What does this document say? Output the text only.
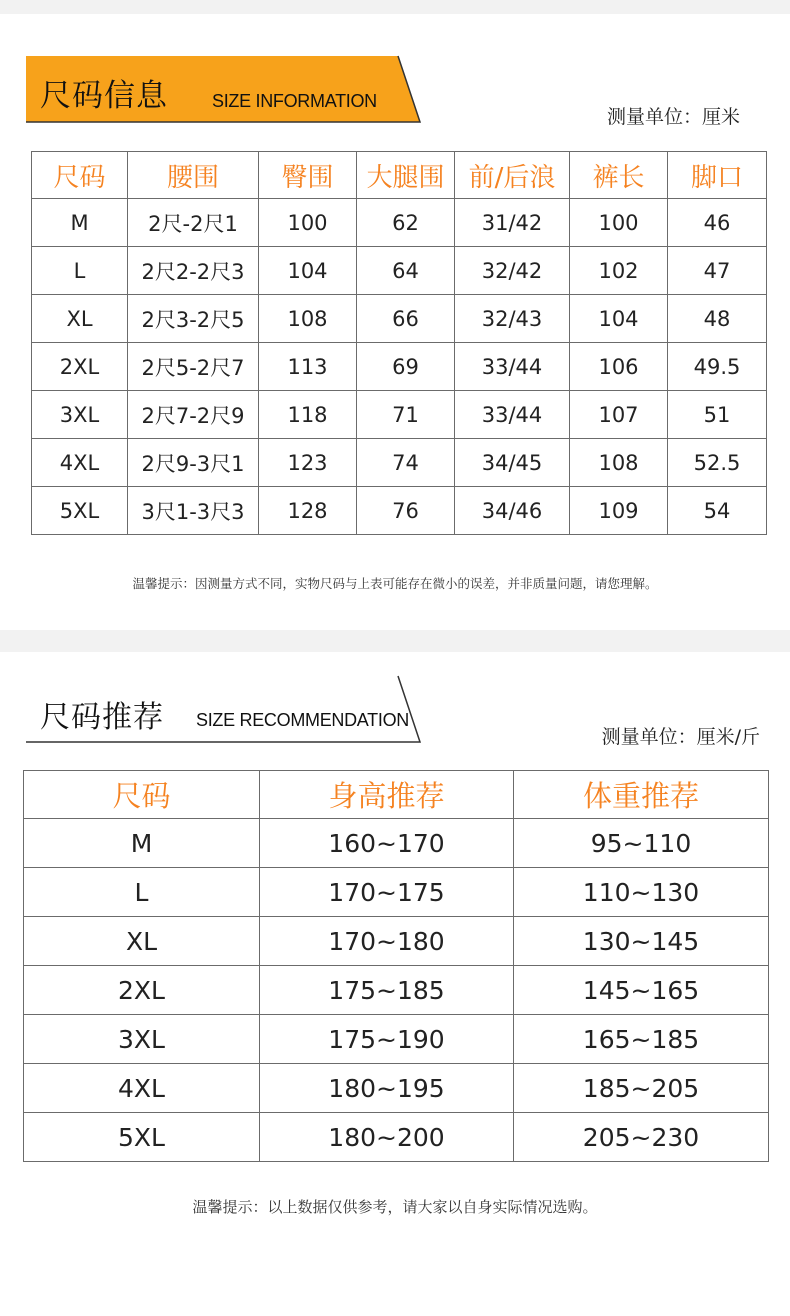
尺码信息 SIZE INFORMATION
测量单位：厘米
尺码	腰围	臀围	大腿围	前/后浪	裤长	脚口
M	2尺-2尺1	100	62	31/42	100	46
L	2尺2-2尺3	104	64	32/42	102	47
XL	2尺3-2尺5	108	66	32/43	104	48
2XL	2尺5-2尺7	113	69	33/44	106	49.5
3XL	2尺7-2尺9	118	71	33/44	107	51
4XL	2尺9-3尺1	123	74	34/45	108	52.5
5XL	3尺1-3尺3	128	76	34/46	109	54
温馨提示：因测量方式不同，实物尺码与上表可能存在微小的误差，并非质量问题，请您理解。
尺码推荐 SIZE RECOMMENDATION
测量单位：厘米/斤
尺码	身高推荐	体重推荐
M	160~170	95~110
L	170~175	110~130
XL	170~180	130~145
2XL	175~185	145~165
3XL	175~190	165~185
4XL	180~195	185~205
5XL	180~200	205~230
温馨提示：以上数据仅供参考，请大家以自身实际情况选购。
